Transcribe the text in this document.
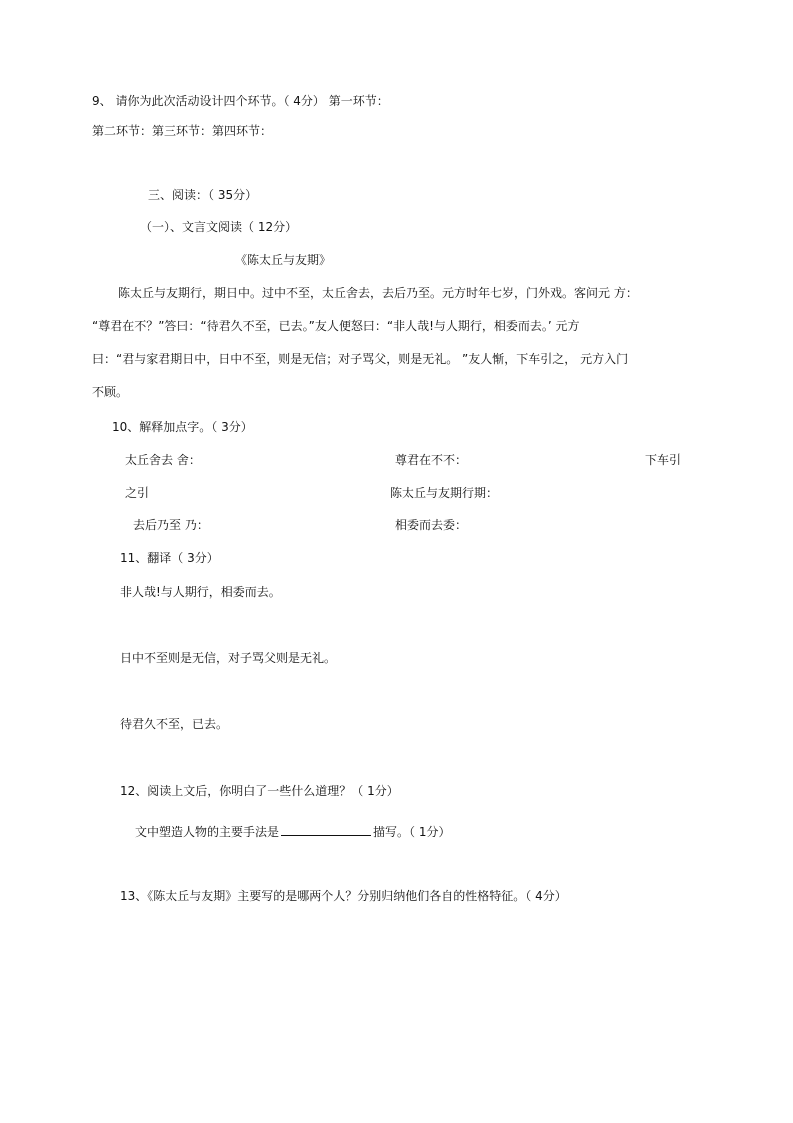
9、 请你为此次活动设计四个环节。（ 4分） 第一环节：
第二环节：第三环节：第四环节：
三、阅读：（ 35分）
（一）、文言文阅读（ 12分）
《陈太丘与友期》
陈太丘与友期行，期日中。过中不至，太丘舍去，去后乃至。元方时年七岁，门外戏。客问元 方：
“尊君在不？”答曰：“待君久不至，已去。”友人便怒曰：“非人哉!与人期行，相委而去。’ 元方
曰：“君与家君期日中，日中不至，则是无信；对子骂父，则是无礼。 ”友人惭，下车引之， 元方入门
不顾。
10、解释加点字。（ 3分）
太丘舍去 舍：	尊君在不不：	下车引
之引	陈太丘与友期行期：
去后乃至 乃：	相委而去委：
11、翻译（ 3分）
非人哉!与人期行，相委而去。
日中不至则是无信，对子骂父则是无礼。
待君久不至，已去。
12、阅读上文后，你明白了一些什么道理？（ 1分）
文中塑造人物的主要手法是	描写。（ 1分）
13、《陈太丘与友期》主要写的是哪两个人？分别归纳他们各自的性格特征。（ 4分）
